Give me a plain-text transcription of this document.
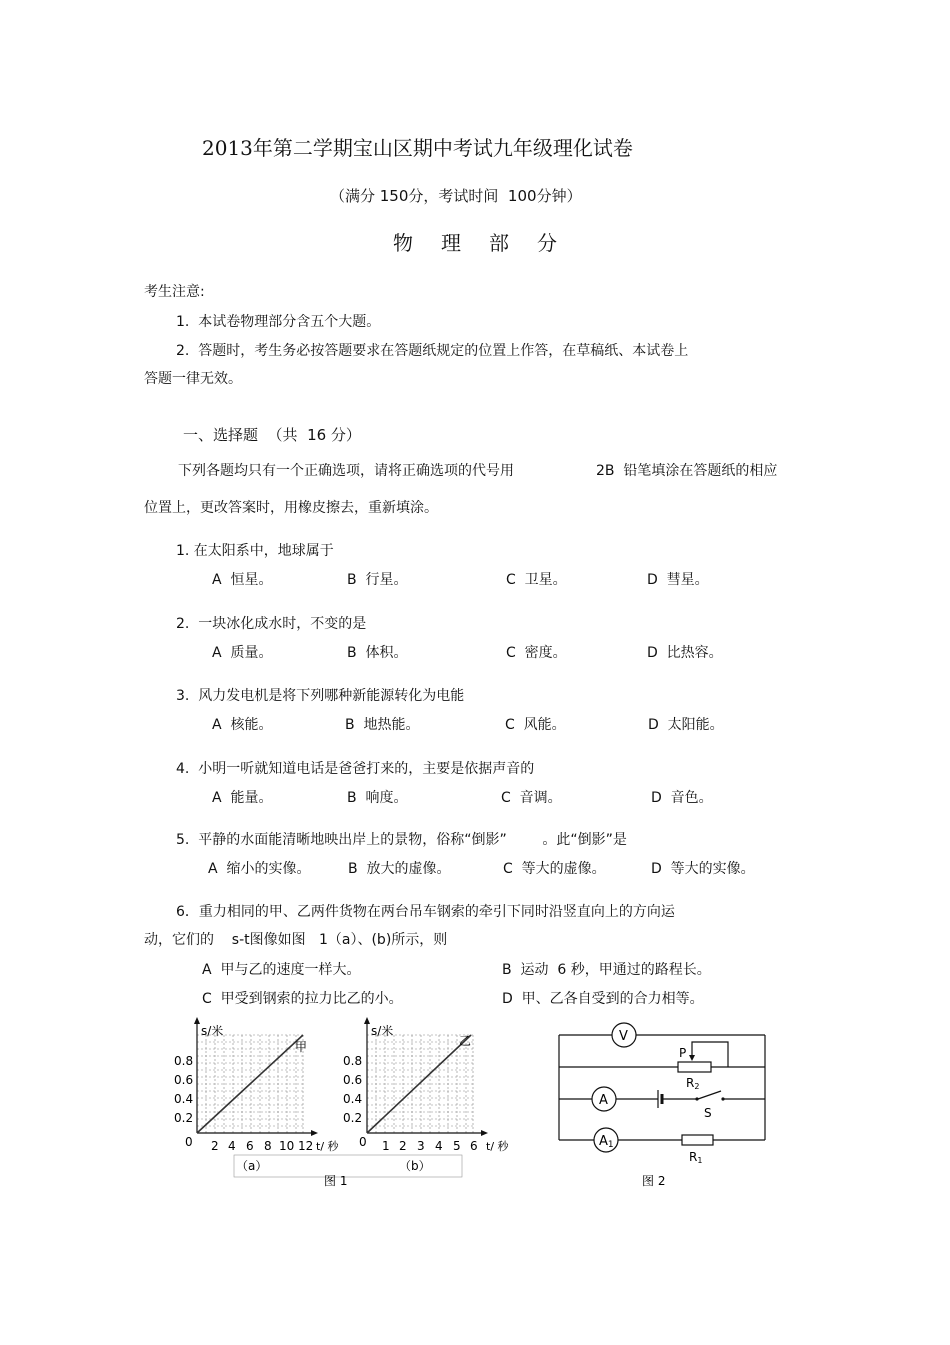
2013年第二学期宝山区期中考试九年级理化试卷
（满分 150分，考试时间  100分钟）
物 理 部 分
考生注意:
1.  本试卷物理部分含五个大题。
2.  答题时，考生务必按答题要求在答题纸规定的位置上作答，在草稿纸、本试卷上
答题一律无效。
一、选择题  （共  16 分）
下列各题均只有一个正确选项，请将正确选项的代号用	2B  铅笔填涂在答题纸的相应
位置上，更改答案时，用橡皮擦去，重新填涂。
1. 在太阳系中，地球属于
A  恒星。	B  行星。	C  卫星。	D  彗星。
2.  一块冰化成水时，不变的是
A  质量。	B  体积。	C  密度。	D  比热容。
3.  风力发电机是将下列哪种新能源转化为电能
A  核能。	B  地热能。	C  风能。	D  太阳能。
4.  小明一听就知道电话是爸爸打来的，主要是依据声音的
A  能量。	B  响度。	C  音调。	D  音色。
5.  平静的水面能清晰地映出岸上的景物，俗称“倒影”        。此“倒影”是
A  缩小的实像。	B  放大的虚像。	C  等大的虚像。	D  等大的实像。
6．重力相同的甲、乙两件货物在两台吊车钢索的牵引下同时沿竖直向上的方向运
动，它们的    s-t图像如图   1（a）、(b)所示，则
A  甲与乙的速度一样大。	B  运动  6 秒，甲通过的路程长。
C  甲受到钢索的拉力比乙的小。	D  甲、乙各自受到的合力相等。
s/米
甲
0.8
0.6
0.4
0.2
0 2 4 6 8 10 12 t/ 秒
s/米
乙
0.8
0.6
0.4
0.2
0 1 2 3 4 5 6 t/ 秒
（a）	（b）
图 1
V
A
A1
P
R2
S
R1
图 2
